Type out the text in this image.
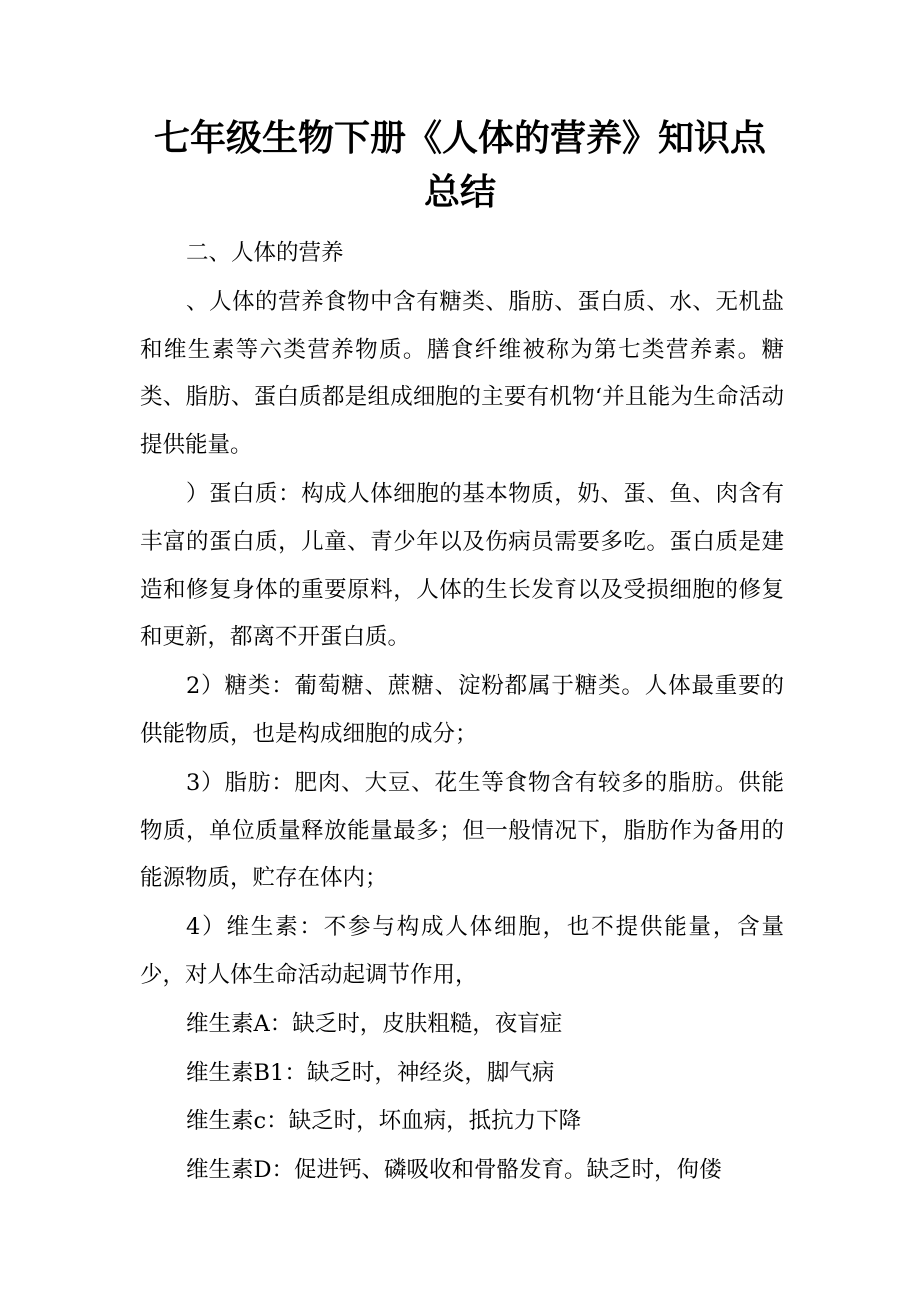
七年级生物下册《人体的营养》知识点
总结

二、人体的营养

、人体的营养食物中含有糖类、脂肪、蛋白质、水、无机盐和维生素等六类营养物质。膳食纤维被称为第七类营养素。糖类、脂肪、蛋白质都是组成细胞的主要有机物‘并且能为生命活动提供能量。

）蛋白质：构成人体细胞的基本物质，奶、蛋、鱼、肉含有丰富的蛋白质，儿童、青少年以及伤病员需要多吃。蛋白质是建造和修复身体的重要原料，人体的生长发育以及受损细胞的修复和更新，都离不开蛋白质。

2）糖类：葡萄糖、蔗糖、淀粉都属于糖类。人体最重要的供能物质，也是构成细胞的成分；

3）脂肪：肥肉、大豆、花生等食物含有较多的脂肪。供能物质，单位质量释放能量最多；但一般情况下，脂肪作为备用的能源物质，贮存在体内；

4）维生素：不参与构成人体细胞，也不提供能量，含量少，对人体生命活动起调节作用，

维生素A：缺乏时，皮肤粗糙，夜盲症

维生素B1：缺乏时，神经炎，脚气病

维生素c：缺乏时，坏血病，抵抗力下降

维生素D：促进钙、磷吸收和骨骼发育。缺乏时，佝偻
